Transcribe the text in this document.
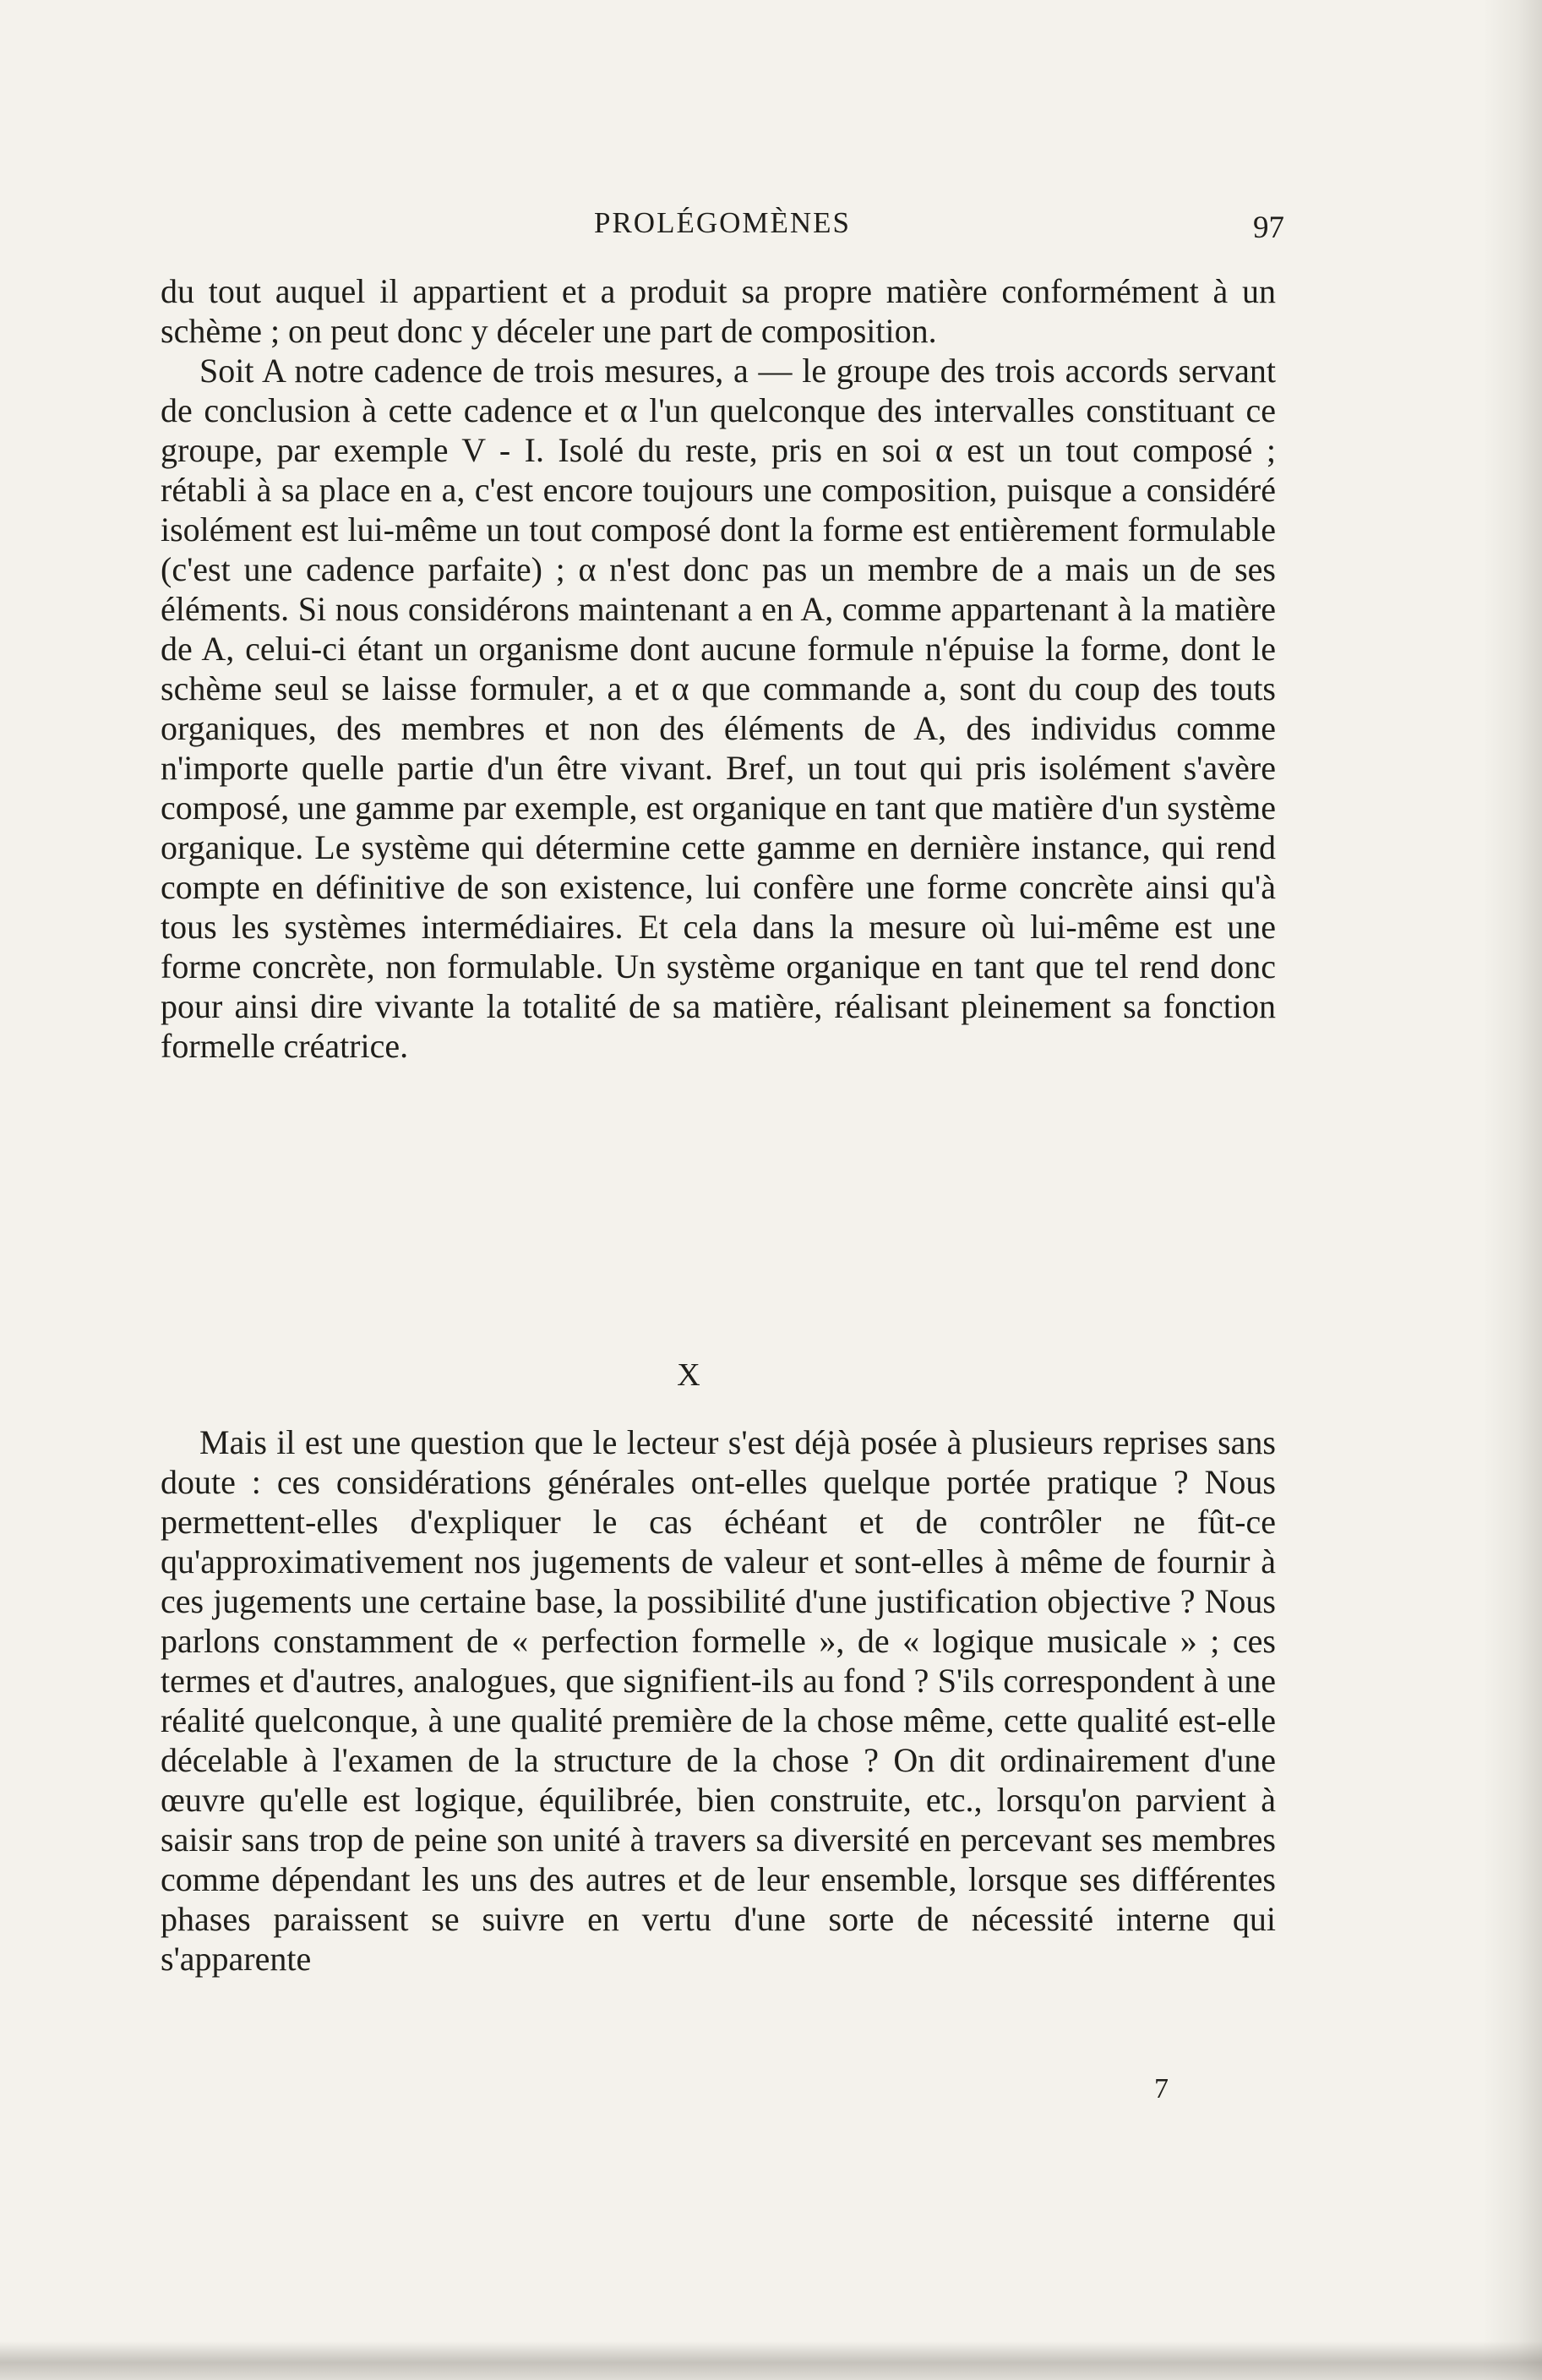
PROLÉGOMÈNES	97

du tout auquel il appartient et a produit sa propre matière conformément à un schème ; on peut donc y déceler une part de composition.

Soit A notre cadence de trois mesures, a — le groupe des trois accords servant de conclusion à cette cadence et α l'un quelconque des intervalles constituant ce groupe, par exemple V - I. Isolé du reste, pris en soi α est un tout composé ; rétabli à sa place en a, c'est encore toujours une composition, puisque a considéré isolément est lui-même un tout composé dont la forme est entièrement formulable (c'est une cadence parfaite) ; α n'est donc pas un membre de a mais un de ses éléments. Si nous considérons maintenant a en A, comme appartenant à la matière de A, celui-ci étant un organisme dont aucune formule n'épuise la forme, dont le schème seul se laisse formuler, a et α que commande a, sont du coup des touts organiques, des membres et non des éléments de A, des individus comme n'importe quelle partie d'un être vivant. Bref, un tout qui pris isolément s'avère composé, une gamme par exemple, est organique en tant que matière d'un système organique. Le système qui détermine cette gamme en dernière instance, qui rend compte en définitive de son existence, lui confère une forme concrète ainsi qu'à tous les systèmes intermédiaires. Et cela dans la mesure où lui-même est une forme concrète, non formulable. Un système organique en tant que tel rend donc pour ainsi dire vivante la totalité de sa matière, réalisant pleinement sa fonction formelle créatrice.

X

Mais il est une question que le lecteur s'est déjà posée à plusieurs reprises sans doute : ces considérations générales ont-elles quelque portée pratique ? Nous permettent-elles d'expliquer le cas échéant et de contrôler ne fût-ce qu'approximativement nos jugements de valeur et sont-elles à même de fournir à ces jugements une certaine base, la possibilité d'une justification objective ? Nous parlons constamment de « perfection formelle », de « logique musicale » ; ces termes et d'autres, analogues, que signifient-ils au fond ? S'ils correspondent à une réalité quelconque, à une qualité première de la chose même, cette qualité est-elle décelable à l'examen de la structure de la chose ? On dit ordinairement d'une œuvre qu'elle est logique, équilibrée, bien construite, etc., lorsqu'on parvient à saisir sans trop de peine son unité à travers sa diversité en percevant ses membres comme dépendant les uns des autres et de leur ensemble, lorsque ses différentes phases paraissent se suivre en vertu d'une sorte de nécessité interne qui s'apparente

7
